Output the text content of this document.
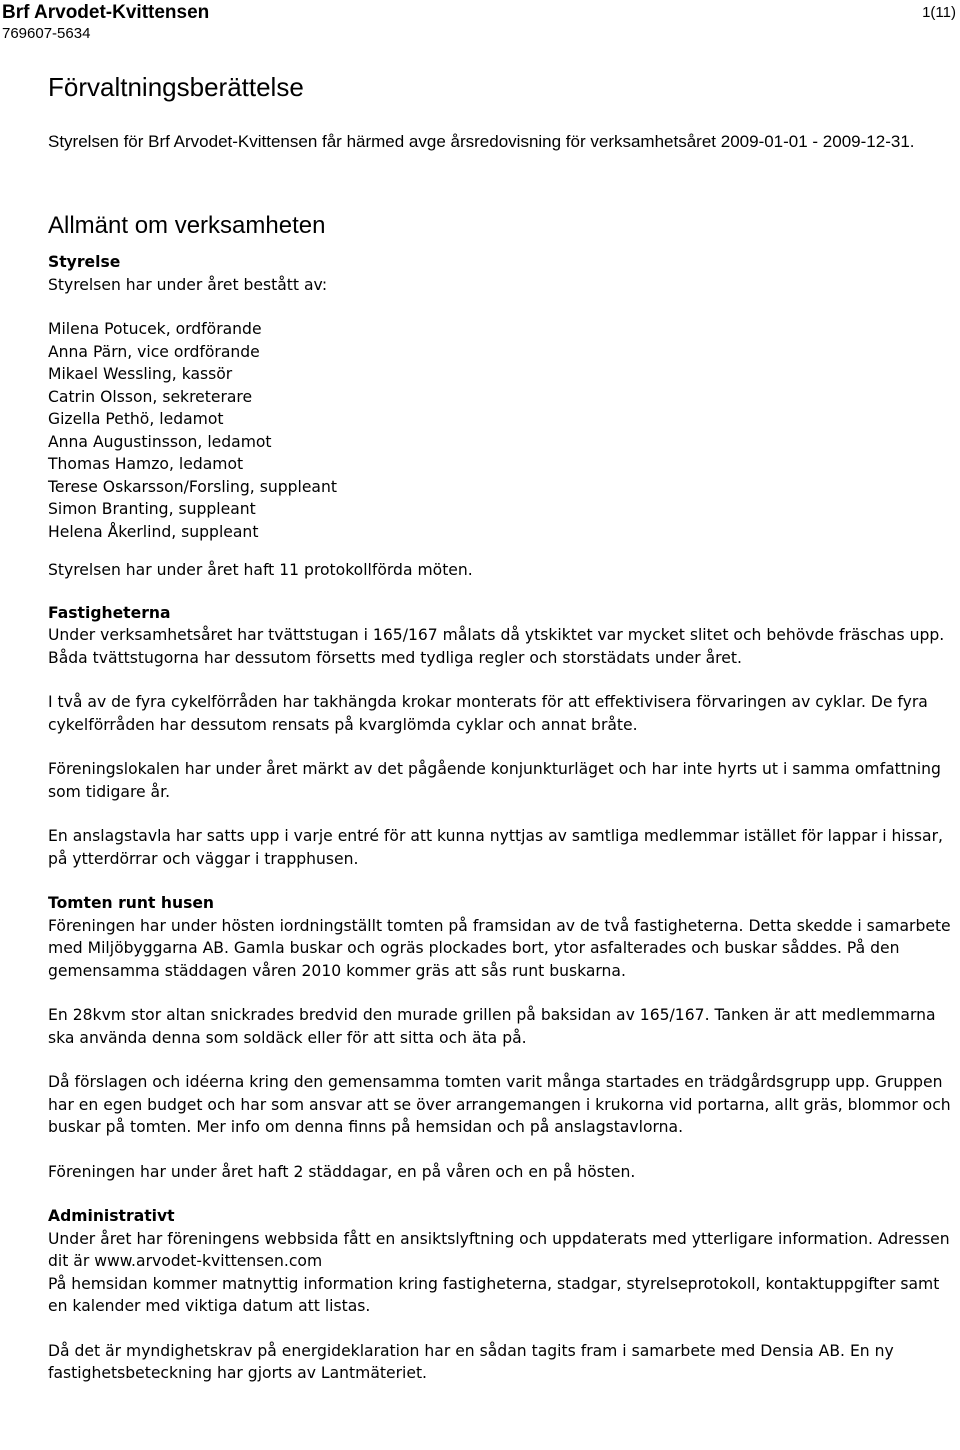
Brf Arvodet-Kvittensen
769607-5634
1(11)
Förvaltningsberättelse

Styrelsen för Brf Arvodet-Kvittensen får härmed avge årsredovisning för verksamhetsåret 2009-01-01 - 2009-12-31.

Allmänt om verksamheten

Styrelse

Styrelsen har under året bestått av:

Milena Potucek, ordförande
Anna Pärn, vice ordförande
Mikael Wessling, kassör
Catrin Olsson, sekreterare
Gizella Pethö, ledamot
Anna Augustinsson, ledamot
Thomas Hamzo, ledamot
Terese Oskarsson/Forsling, suppleant
Simon Branting, suppleant
Helena Åkerlind, suppleant

Styrelsen har under året haft 11 protokollförda möten.

Fastigheterna

Under verksamhetsåret har tvättstugan i 165/167 målats då ytskiktet var mycket slitet och behövde fräschas upp. Båda tvättstugorna har dessutom försetts med tydliga regler och storstädats under året.

I två av de fyra cykelförråden har takhängda krokar monterats för att effektivisera förvaringen av cyklar. De fyra cykelförråden har dessutom rensats på kvarglömda cyklar och annat bråte.

Föreningslokalen har under året märkt av det pågående konjunkturläget och har inte hyrts ut i samma omfattning som tidigare år.

En anslagstavla har satts upp i varje entré för att kunna nyttjas av samtliga medlemmar istället för lappar i hissar, på ytterdörrar och väggar i trapphusen.

Tomten runt husen

Föreningen har under hösten iordningställt tomten på framsidan av de två fastigheterna. Detta skedde i samarbete med Miljöbyggarna AB. Gamla buskar och ogräs plockades bort, ytor asfalterades och buskar såddes. På den gemensamma städdagen våren 2010 kommer gräs att sås runt buskarna.

En 28kvm stor altan snickrades bredvid den murade grillen på baksidan av 165/167. Tanken är att medlemmarna ska använda denna som soldäck eller för att sitta och äta på.

Då förslagen och idéerna kring den gemensamma tomten varit många startades en trädgårdsgrupp upp. Gruppen har en egen budget och har som ansvar att se över arrangemangen i krukorna vid portarna, allt gräs, blommor och buskar på tomten. Mer info om denna finns på hemsidan och på anslagstavlorna.

Föreningen har under året haft 2 städdagar, en på våren och en på hösten.

Administrativt

Under året har föreningens webbsida fått en ansiktslyftning och uppdaterats med ytterligare information. Adressen dit är www.arvodet-kvittensen.com

På hemsidan kommer matnyttig information kring fastigheterna, stadgar, styrelseprotokoll, kontaktuppgifter samt en kalender med viktiga datum att listas.

Då det är myndighetskrav på energideklaration har en sådan tagits fram i samarbete med Densia AB. En ny fastighetsbeteckning har gjorts av Lantmäteriet.
